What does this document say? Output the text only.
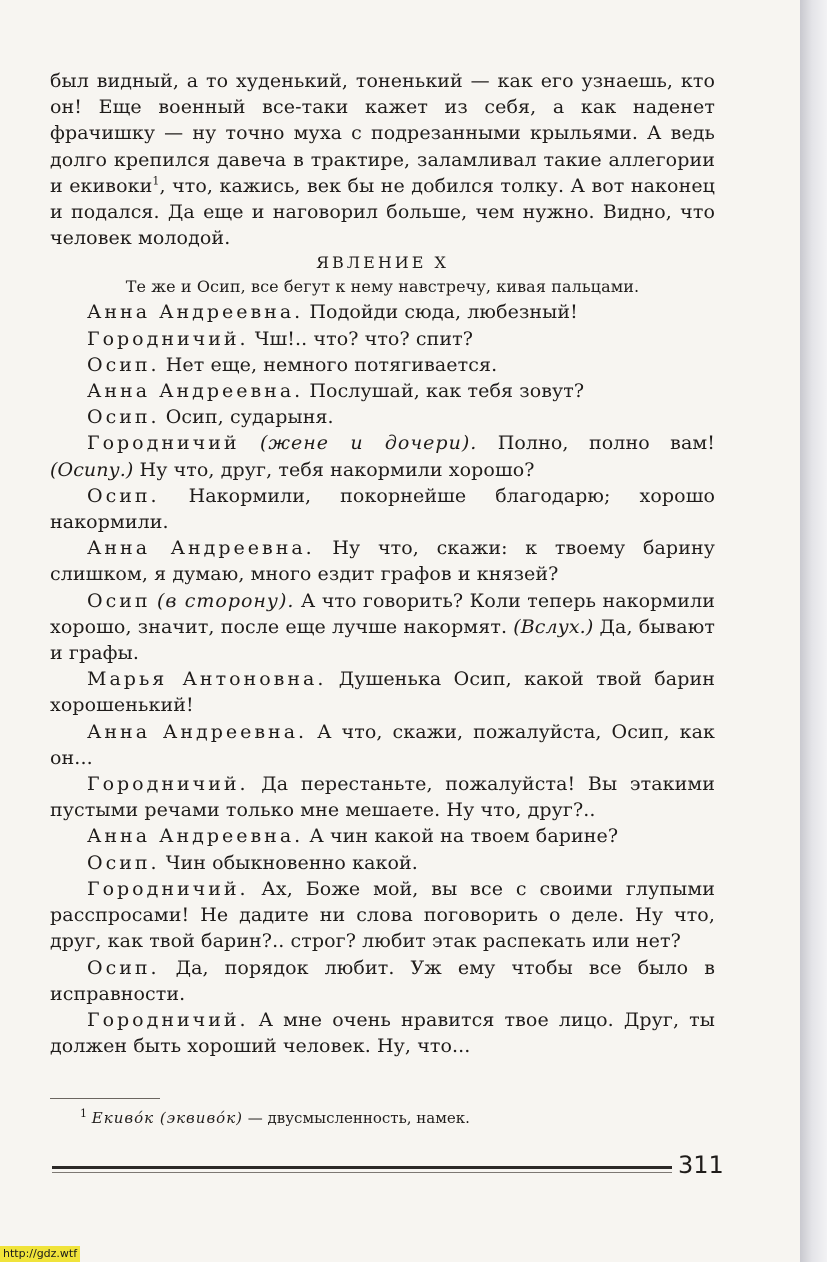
был видный, а то худенький, тоненький — как его узнаешь, кто он! Еще военный все-таки кажет из себя, а как наденет фрачишку — ну точно муха с подрезанными крыльями. А ведь долго крепился давеча в трактире, заламливал такие аллегории и екивоки$^1$, что, кажись, век бы не добился толку. А вот наконец и подался. Да еще и наговорил больше, чем нужно. Видно, что человек молодой.

ЯВЛЕНИЕ X

Те же и Осип, все бегут к нему навстречу, кивая пальцами.

Анна Андреевна. Подойди сюда, любезный!

Городничий. Чш!.. что? что? спит?

Осип. Нет еще, немного потягивается.

Анна Андреевна. Послушай, как тебя зовут?

Осип. Осип, сударыня.

Городничий (жене и дочери). Полно, полно вам! (Осипу.) Ну что, друг, тебя накормили хорошо?

Осип. Накормили, покорнейше благодарю; хорошо накормили.

Анна Андреевна. Ну что, скажи: к твоему барину слишком, я думаю, много ездит графов и князей?

Осип (в сторону). А что говорить? Коли теперь накормили хорошо, значит, после еще лучше накормят. (Вслух.) Да, бывают и графы.

Марья Антоновна. Душенька Осип, какой твой барин хорошенький!

Анна Андреевна. А что, скажи, пожалуйста, Осип, как он...

Городничий. Да перестаньте, пожалуйста! Вы этакими пустыми речами только мне мешаете. Ну что, друг?..

Анна Андреевна. А чин какой на твоем барине?

Осип. Чин обыкновенно какой.

Городничий. Ах, Боже мой, вы все с своими глупыми расспросами! Не дадите ни слова поговорить о деле. Ну что, друг, как твой барин?.. строг? любит этак распекать или нет?

Осип. Да, порядок любит. Уж ему чтобы все было в исправности.

Городничий. А мне очень нравится твое лицо. Друг, ты должен быть хороший человек. Ну, что...

$^1$ Екивóк (эквивóк) — двусмысленность, намек.
311
http://gdz.wtf
